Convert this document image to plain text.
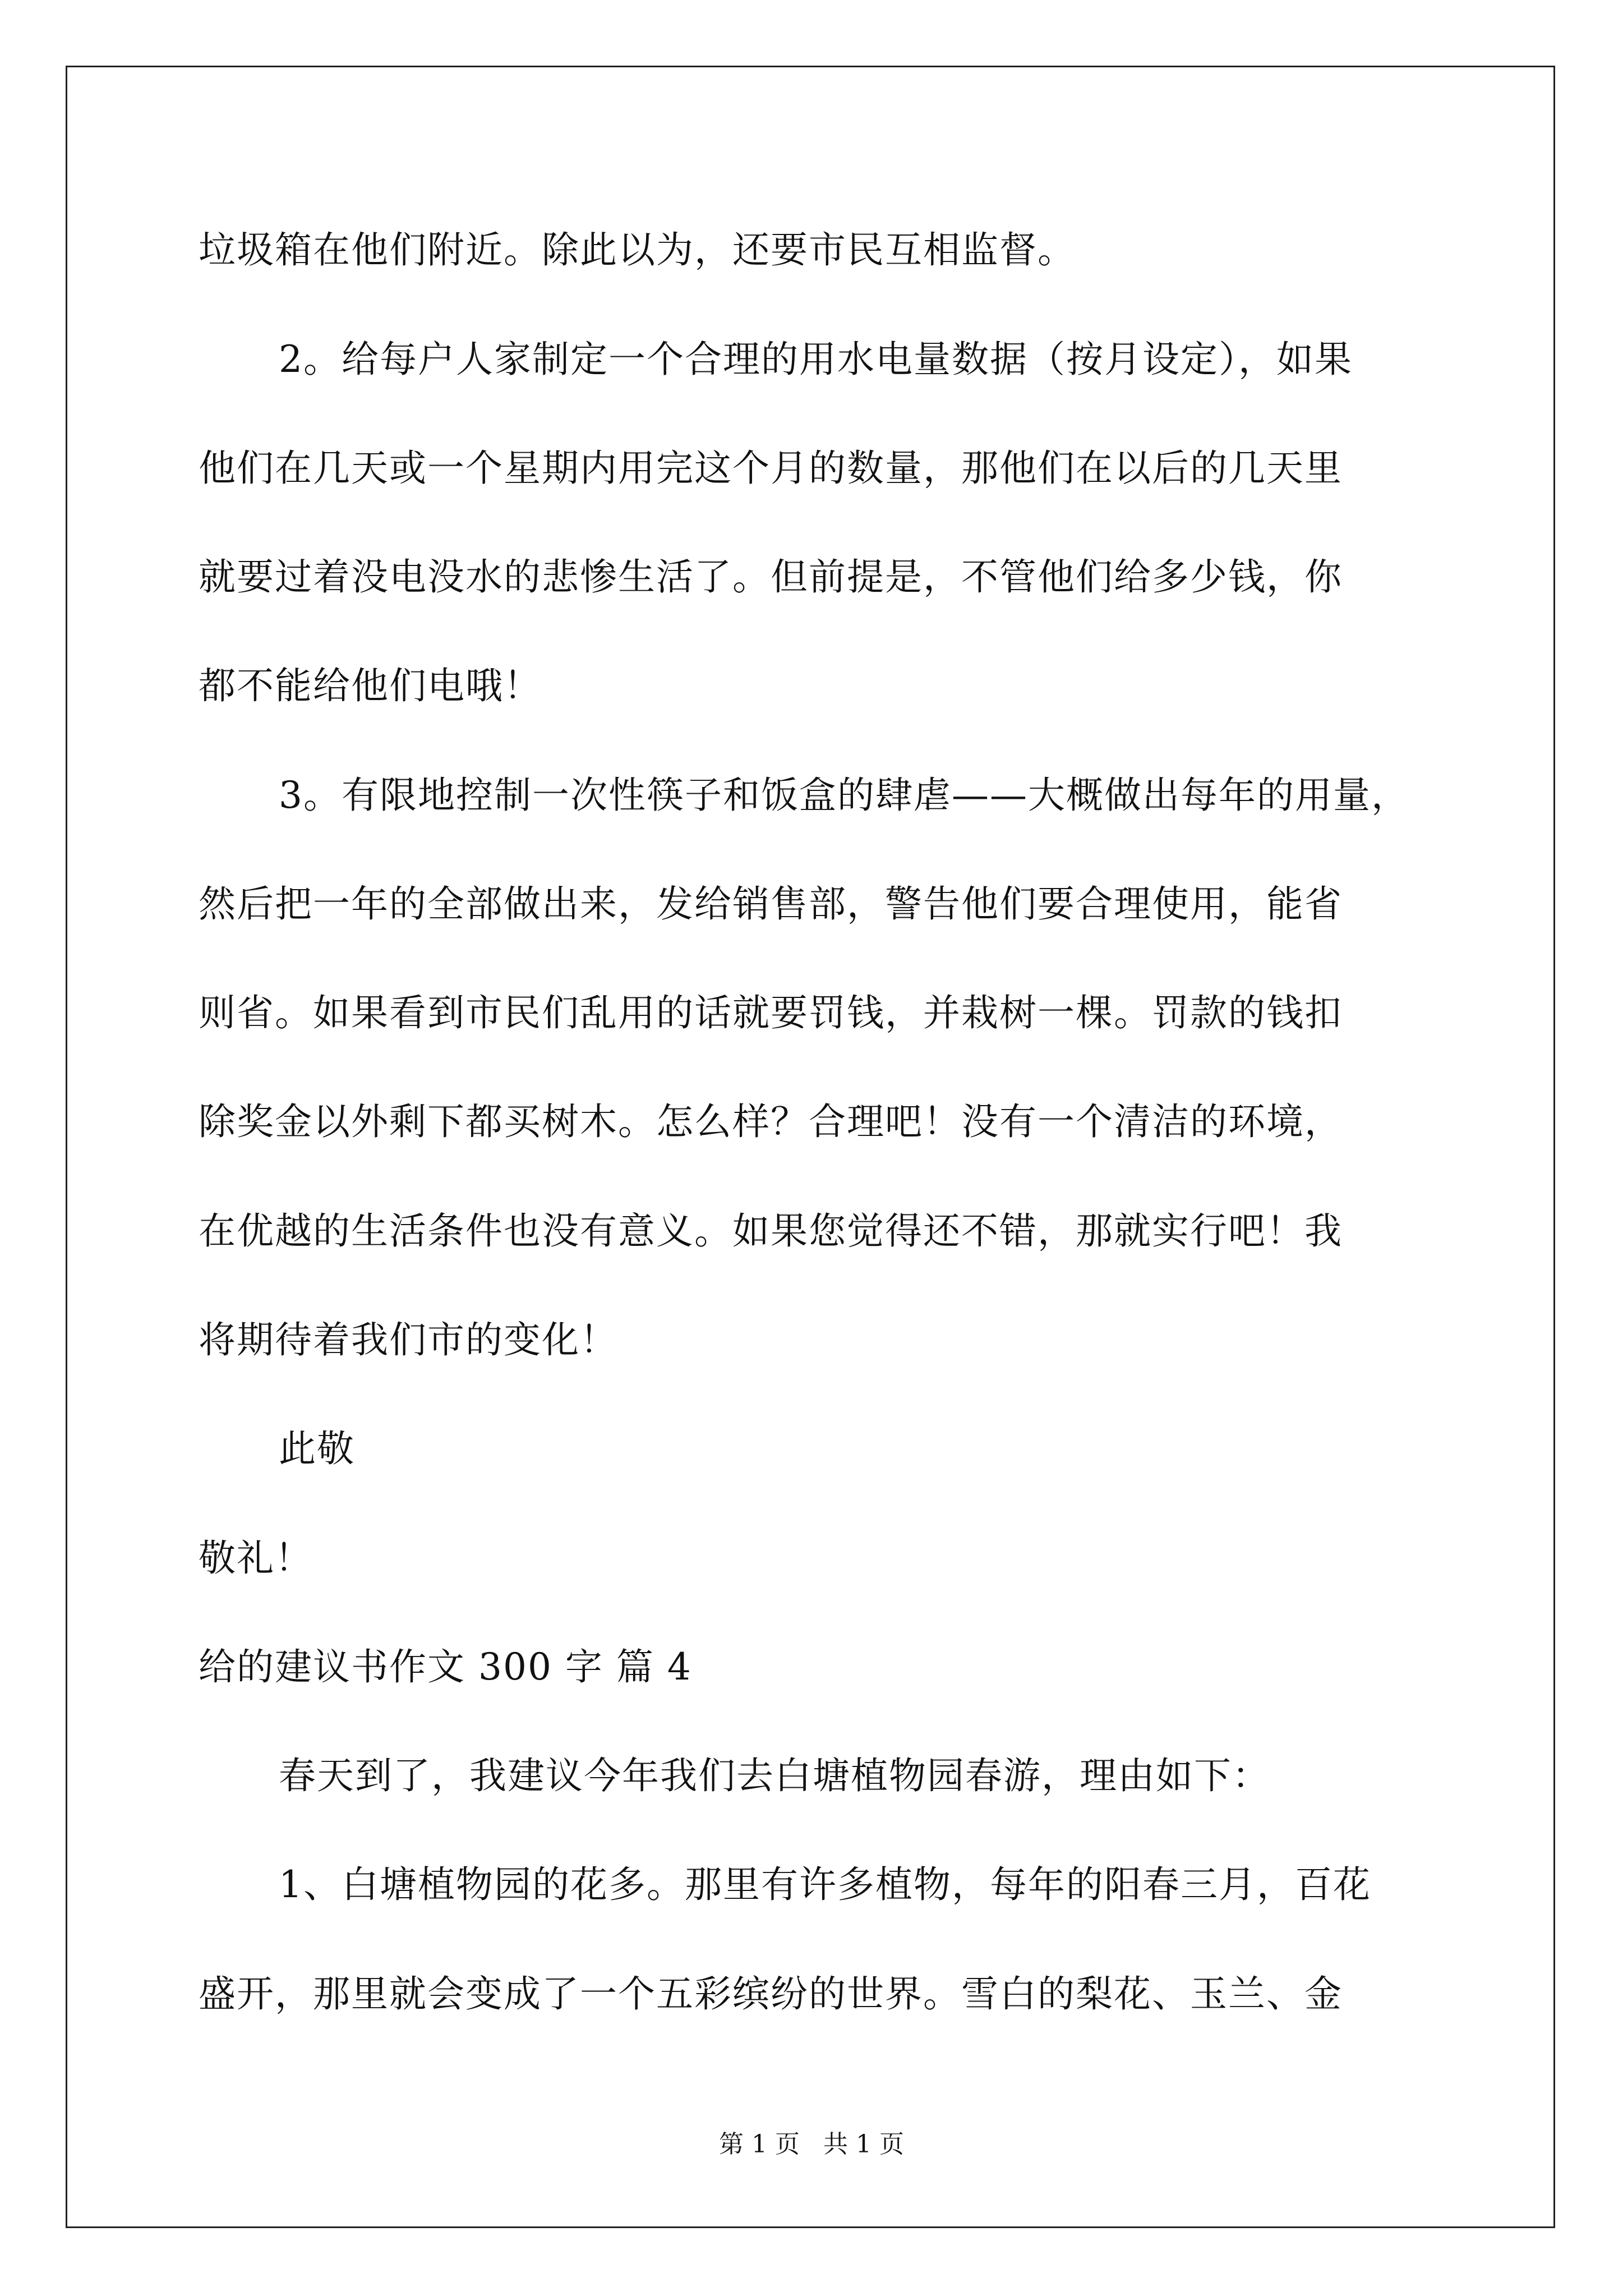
垃圾箱在他们附近。除此以为，还要市民互相监督。
2。给每户人家制定一个合理的用水电量数据（按月设定），如果
他们在几天或一个星期内用完这个月的数量，那他们在以后的几天里
就要过着没电没水的悲惨生活了。但前提是，不管他们给多少钱，你
都不能给他们电哦！
3。有限地控制一次性筷子和饭盒的肆虐——大概做出每年的用量，
然后把一年的全部做出来，发给销售部，警告他们要合理使用，能省
则省。如果看到市民们乱用的话就要罚钱，并栽树一棵。罚款的钱扣
除奖金以外剩下都买树木。怎么样？合理吧！没有一个清洁的环境，
在优越的生活条件也没有意义。如果您觉得还不错，那就实行吧！我
将期待着我们市的变化！
此敬
敬礼！
给的建议书作文 300 字 篇 4
春天到了，我建议今年我们去白塘植物园春游，理由如下：
1、白塘植物园的花多。那里有许多植物，每年的阳春三月，百花
盛开，那里就会变成了一个五彩缤纷的世界。雪白的梨花、玉兰、金
第 1 页   共 1 页
